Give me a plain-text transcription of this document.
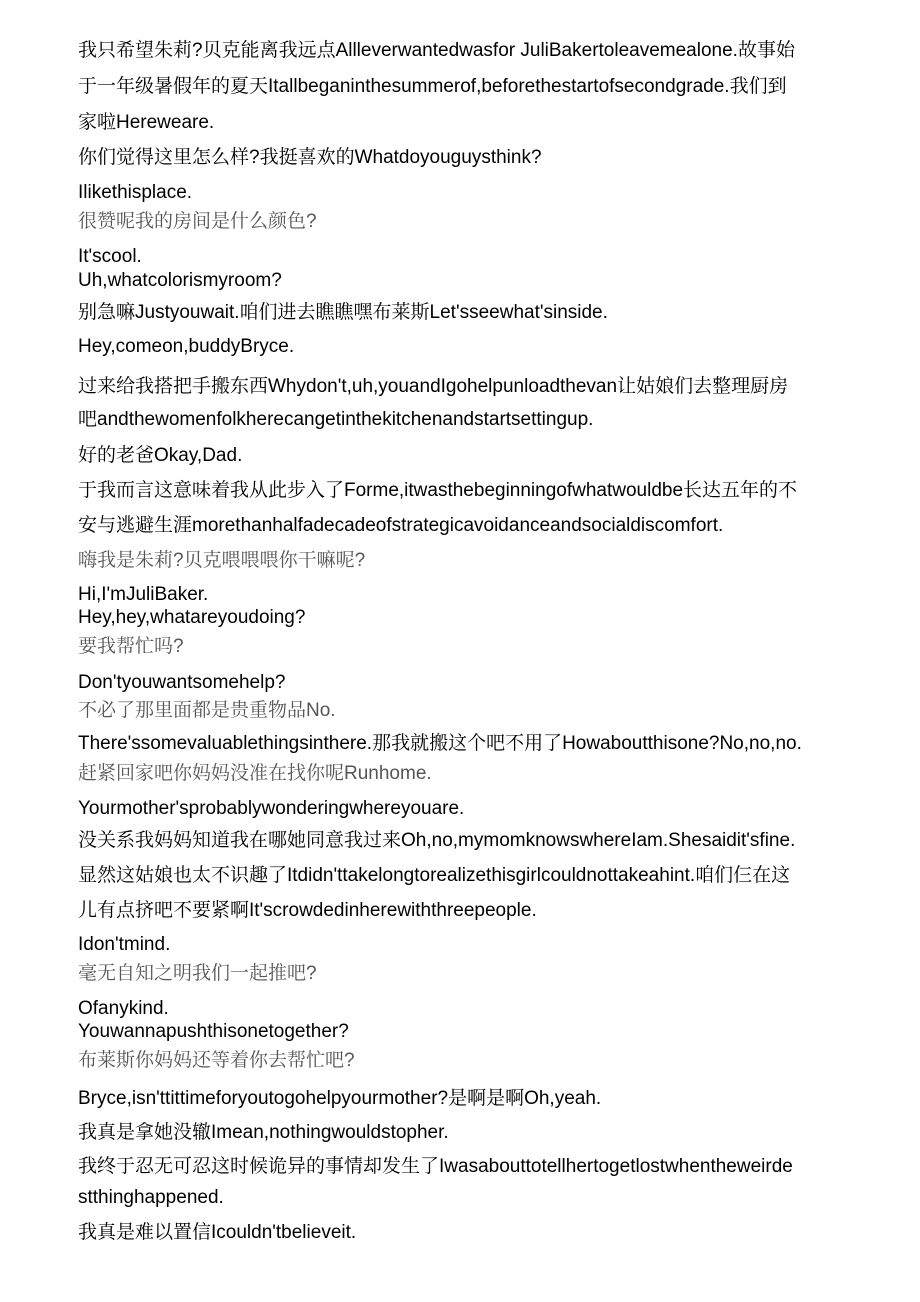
我只希望朱莉?贝克能离我远点Allleverwantedwasfor JuliBakertoleavemealone.故事始
于一年级暑假年的夏天Itallbeganinthesummerof,beforethestartofsecondgrade.我们到
家啦Hereweare.
你们觉得这里怎么样?我挺喜欢的Whatdoyouguysthink?
Ilikethisplace.
很赞呢我的房间是什么颜色?
It'scool.
Uh,whatcolorismyroom?
别急嘛Justyouwait.咱们进去瞧瞧嘿布莱斯Let'sseewhat'sinside.
Hey,comeon,buddyBryce.
过来给我搭把手搬东西Whydon't,uh,youandIgohelpunloadthevan让姑娘们去整理厨房
吧andthewomenfolkherecangetinthekitchenandstartsettingup.
好的老爸Okay,Dad.
于我而言这意味着我从此步入了Forme,itwasthebeginningofwhatwouldbe长达五年的不
安与逃避生涯morethanhalfadecadeofstrategicavoidanceandsocialdiscomfort.
嗨我是朱莉?贝克喂喂喂你干嘛呢?
Hi,I'mJuliBaker.
Hey,hey,whatareyoudoing?
要我帮忙吗?
Don'tyouwantsomehelp?
不必了那里面都是贵重物品No.
There'ssomevaluablethingsinthere.那我就搬这个吧不用了Howaboutthisone?No,no,no.
赶紧回家吧你妈妈没准在找你呢Runhome.
Yourmother'sprobablywonderingwhereyouare.
没关系我妈妈知道我在哪她同意我过来Oh,no,mymomknowswhereIam.Shesaidit'sfine.
显然这姑娘也太不识趣了Itdidn'ttakelongtorealizethisgirlcouldnottakeahint.咱们仨在这
儿有点挤吧不要紧啊It'scrowdedinherewiththreepeople.
Idon'tmind.
毫无自知之明我们一起推吧?
Ofanykind.
Youwannapushthisonetogether?
布莱斯你妈妈还等着你去帮忙吧?
Bryce,isn'ttittimeforyoutogohelpyourmother?是啊是啊Oh,yeah.
我真是拿她没辙Imean,nothingwouldstopher.
我终于忍无可忍这时候诡异的事情却发生了Iwasabouttotellhertogetlostwhentheweirde
stthinghappened.
我真是难以置信Icouldn'tbelieveit.
